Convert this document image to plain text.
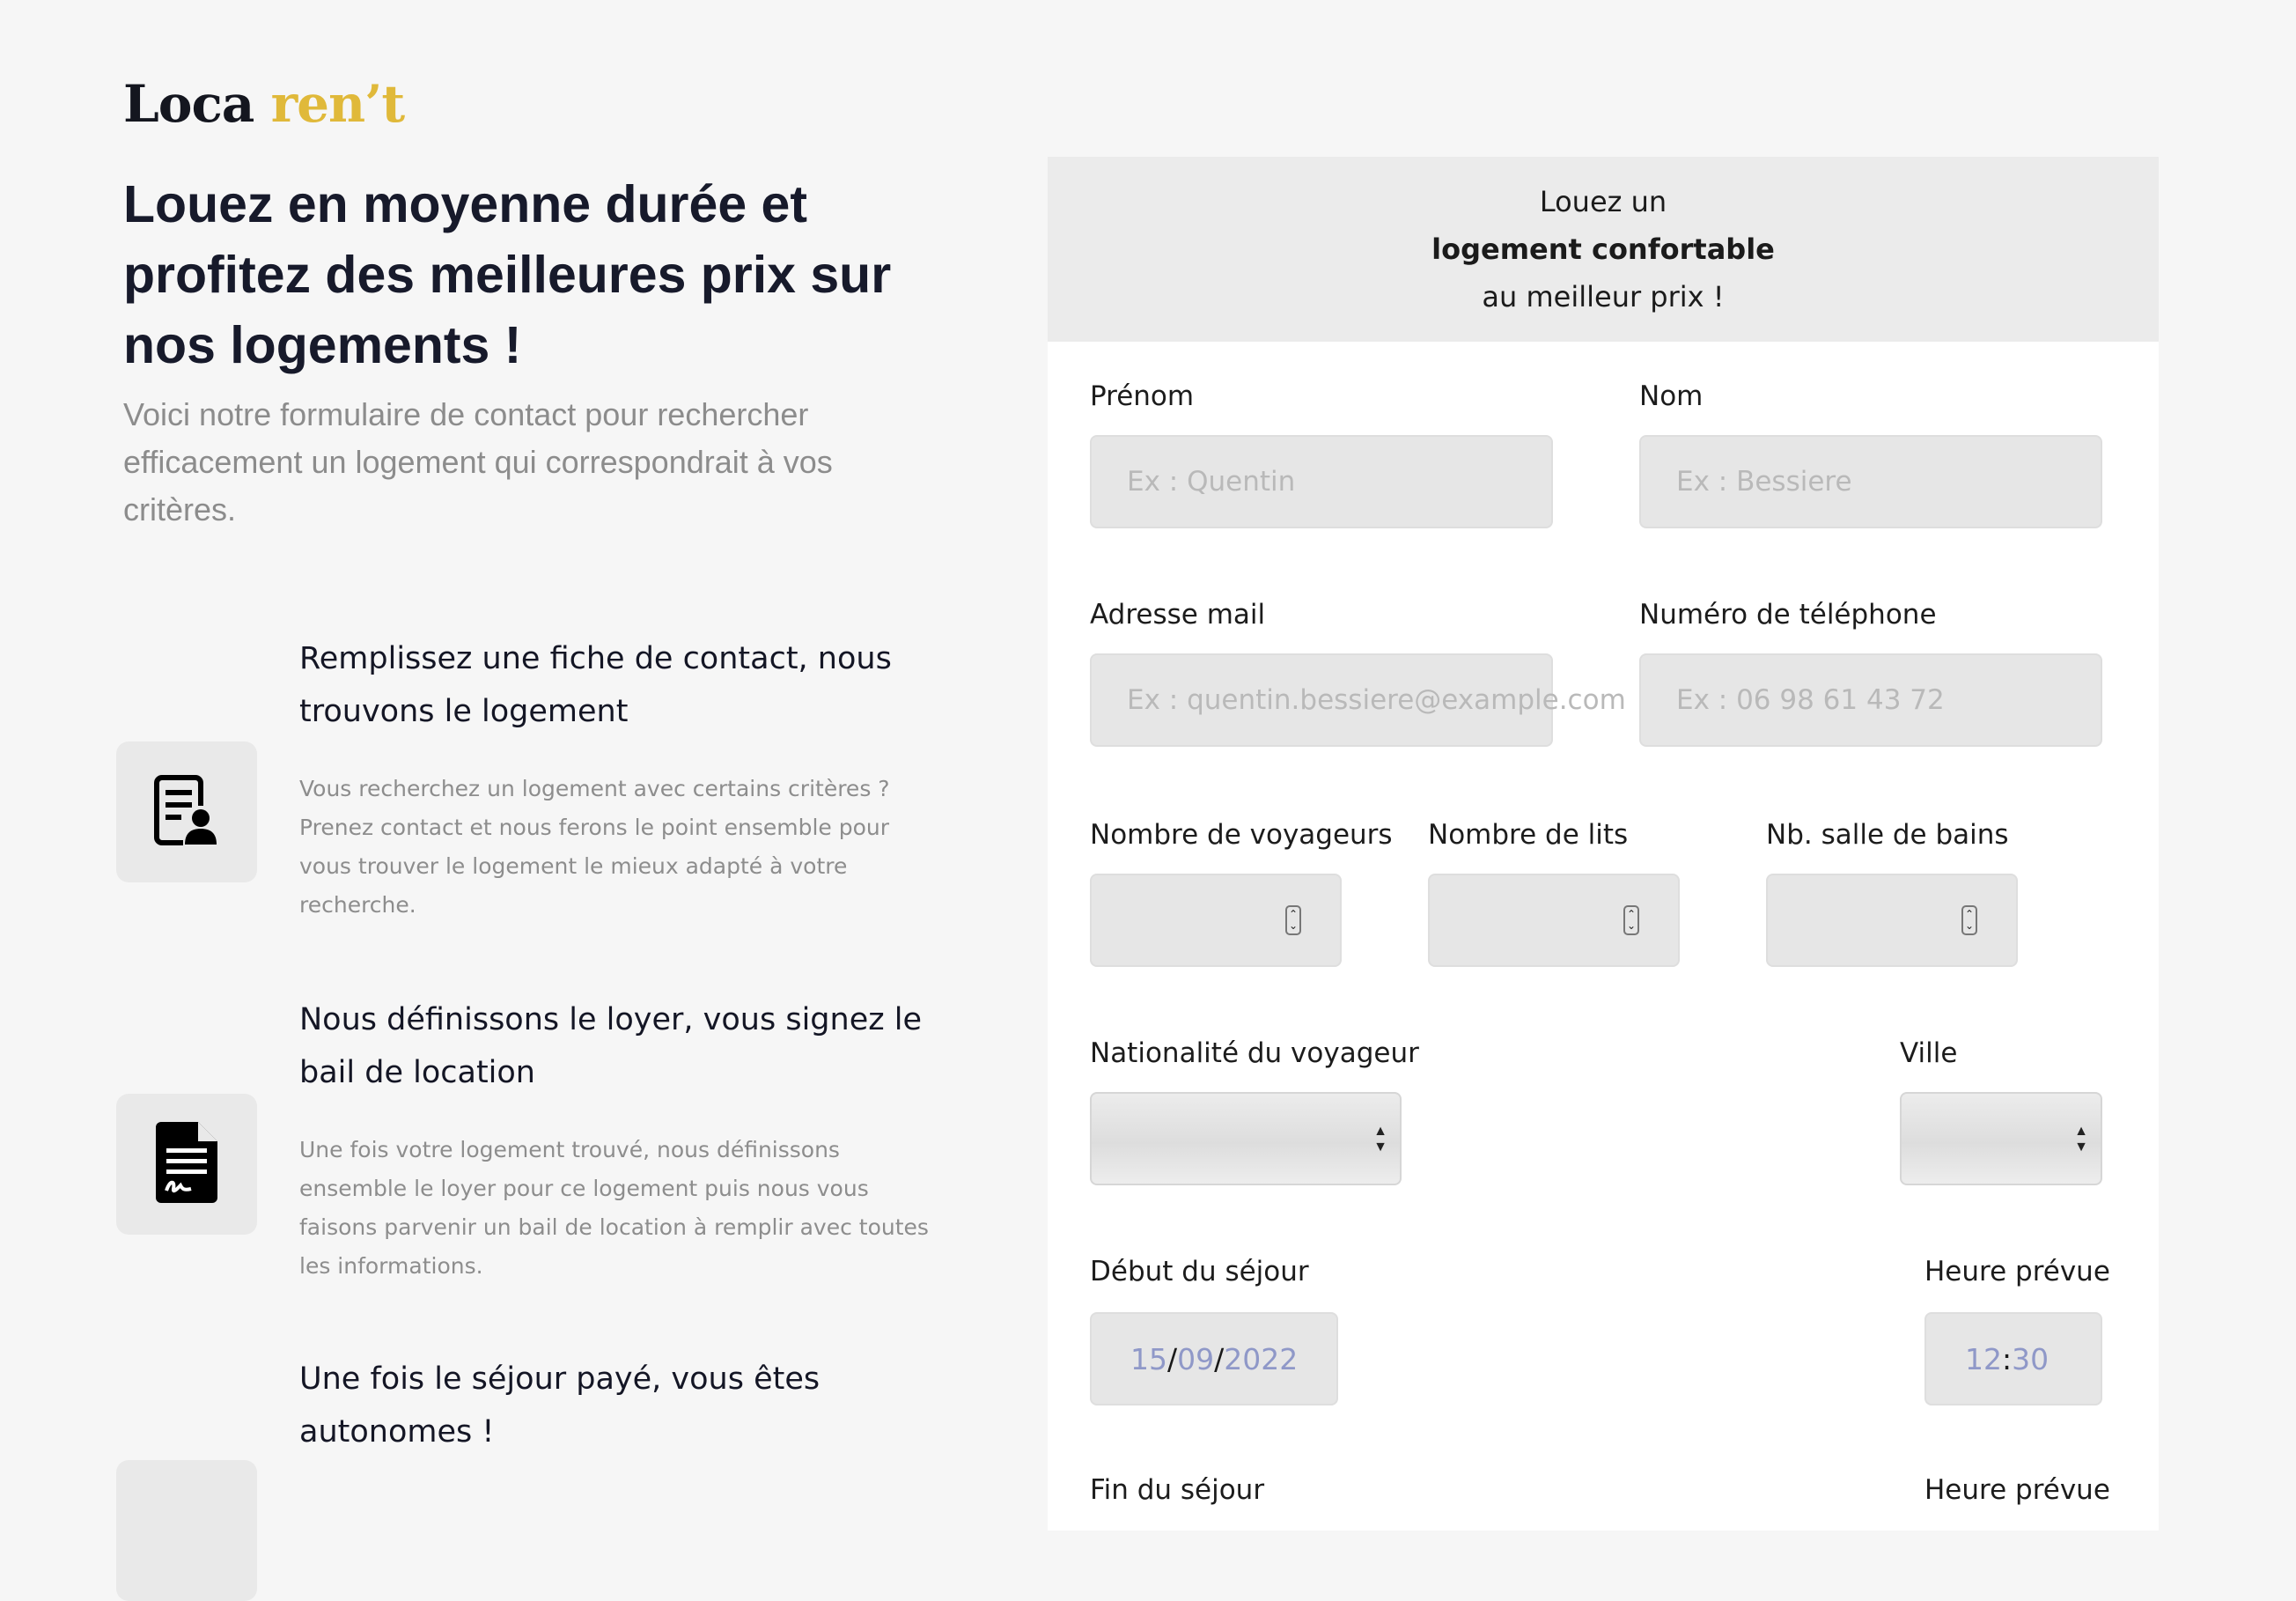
Loca ren’t
Louez en moyenne durée et profitez des meilleures prix sur nos logements !

Voici notre formulaire de contact pour rechercher efficacement un logement qui correspondrait à vos critères.

Remplissez une fiche de contact, nous trouvons le logement

Vous recherchez un logement avec certains critères ? Prenez contact et nous ferons le point ensemble pour vous trouver le logement le mieux adapté à votre recherche.

Nous définissons le loyer, vous signez le bail de location

Une fois votre logement trouvé, nous définissons ensemble le loyer pour ce logement puis nous vous faisons parvenir un bail de location à remplir avec toutes les informations.

Une fois le séjour payé, vous êtes autonomes !

Louez un
logement confortable
au meilleur prix !
Prénom
Ex : Quentin
Nom
Ex : Bessiere
Adresse mail
Ex : quentin.bessiere@example.com
Numéro de téléphone
Ex : 06 98 61 43 72
Nombre de voyageurs
⌃
⌄
Nombre de lits
⌃
⌄
Nb. salle de bains
⌃
⌄
Nationalité du voyageur
▲
▼
Ville
▲
▼
Début du séjour
15 / 09 / 2022
Heure prévue
12 : 30
Fin du séjour	Heure prévue
